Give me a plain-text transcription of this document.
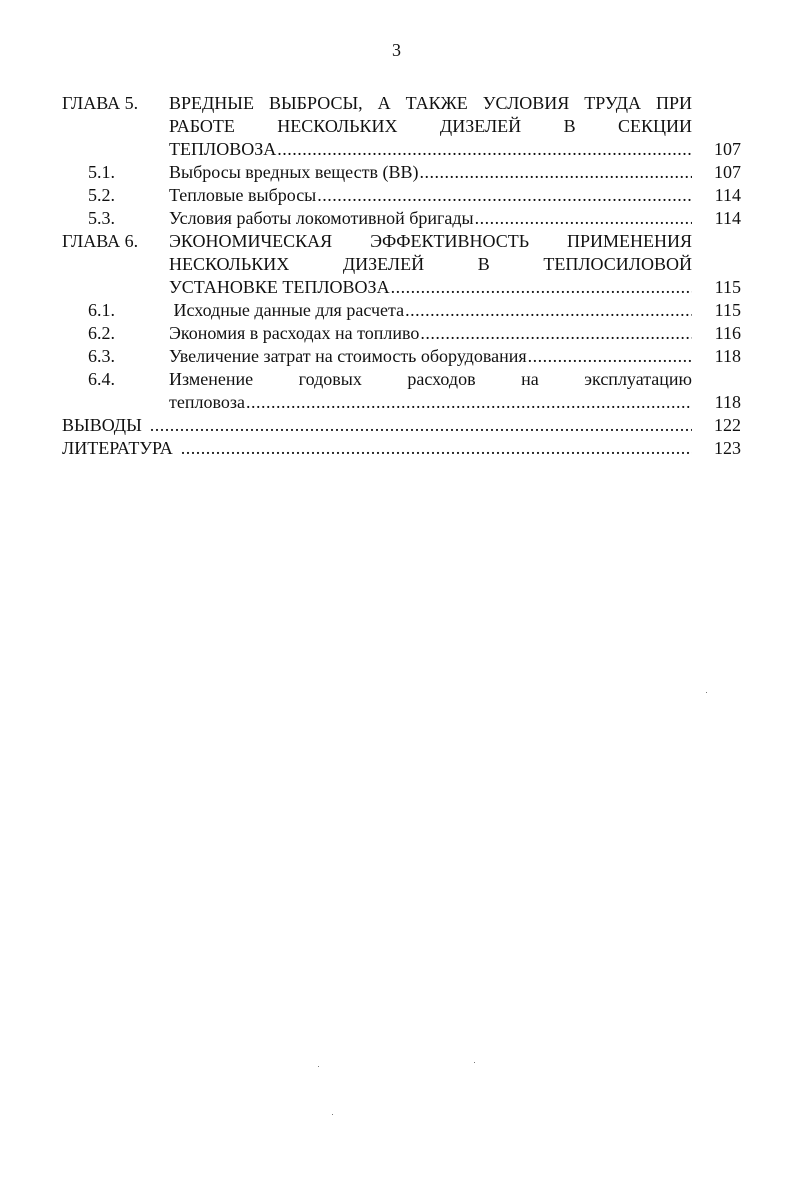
3
ГЛАВА 5. ВРЕДНЫЕ ВЫБРОСЫ, А ТАКЖЕ УСЛОВИЯ ТРУДА ПРИ
РАБОТЕ НЕСКОЛЬКИХ ДИЗЕЛЕЙ В СЕКЦИИ
ТЕПЛОВОЗА .....	107
5.1.	Выбросы вредных веществ (ВВ) .....	107
5.2.	Тепловые выбросы .....	114
5.3.	Условия работы локомотивной бригады .....	114
ГЛАВА 6. ЭКОНОМИЧЕСКАЯ ЭФФЕКТИВНОСТЬ ПРИМЕНЕНИЯ
НЕСКОЛЬКИХ ДИЗЕЛЕЙ В ТЕПЛОСИЛОВОЙ
УСТАНОВКЕ ТЕПЛОВОЗА .....	115
6.1.	Исходные данные для расчета .....	115
6.2.	Экономия в расходах на топливо .....	116
6.3.	Увеличение затрат на стоимость оборудования .....	118
6.4.	Изменение годовых расходов на эксплуатацию
тепловоза .....	118
ВЫВОДЫ .....	122
ЛИТЕРАТУРА .....	123
